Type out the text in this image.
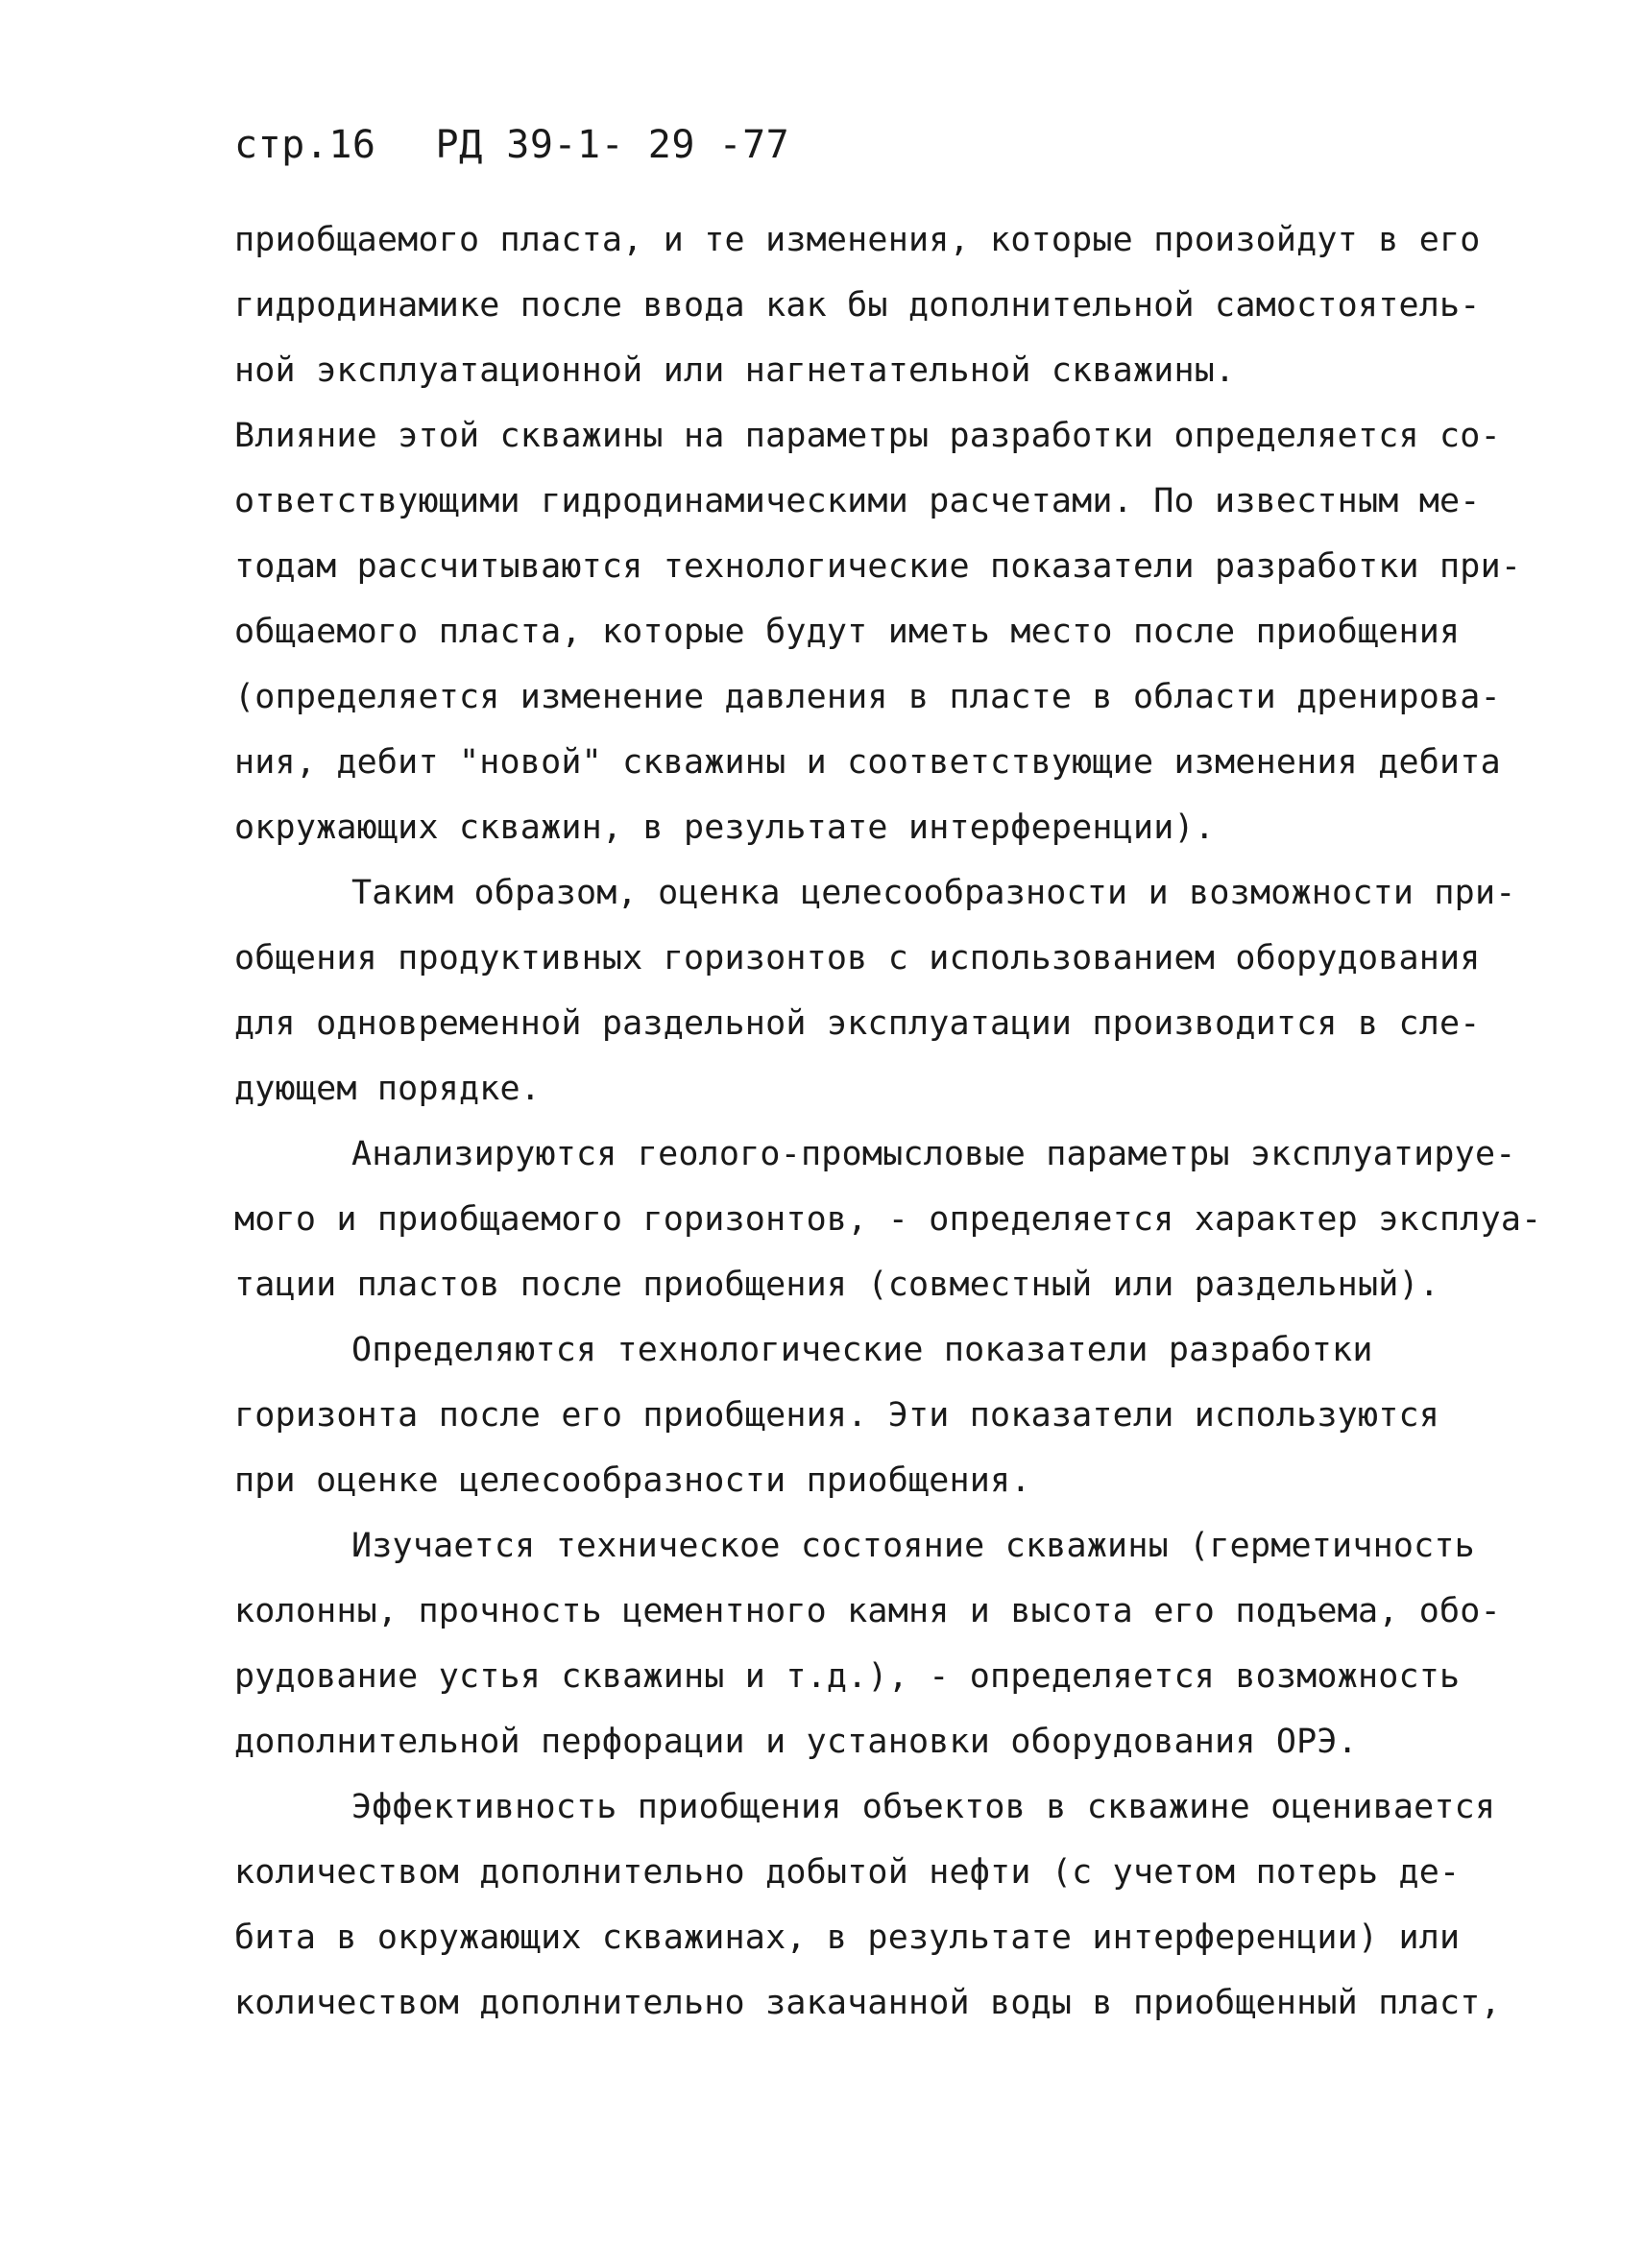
стр.16 РД 39-1- 29 -77
приобщаемого пласта, и те изменения, которые произойдут в его
гидродинамике после ввода как бы дополнительной самостоятель-
ной эксплуатационной или нагнетательной скважины.
Влияние этой скважины на параметры разработки определяется со-
ответствующими гидродинамическими расчетами. По известным ме-
тодам рассчитываются технологические показатели разработки при-
общаемого пласта, которые будут иметь место после приобщения
(определяется изменение давления в пласте в области дренирова-
ния, дебит "новой" скважины и соответствующие изменения дебита
окружающих скважин, в результате интерференции).
Таким образом, оценка целесообразности и возможности при-
общения продуктивных горизонтов с использованием оборудования
для одновременной раздельной эксплуатации производится в сле-
дующем порядке.
Анализируются геолого-промысловые параметры эксплуатируе-
мого и приобщаемого горизонтов, - определяется характер эксплуа-
тации пластов после приобщения (совместный или раздельный).
Определяются технологические показатели разработки
горизонта после его приобщения. Эти показатели используются
при оценке целесообразности приобщения.
Изучается техническое состояние скважины (герметичность
колонны, прочность цементного камня и высота его подъема, обо-
рудование устья скважины и т.д.), - определяется возможность
дополнительной перфорации и установки оборудования ОРЭ.
Эффективность приобщения объектов в скважине оценивается
количеством дополнительно добытой нефти (с учетом потерь де-
бита в окружающих скважинах, в результате интерференции) или
количеством дополнительно закачанной воды в приобщенный пласт,
